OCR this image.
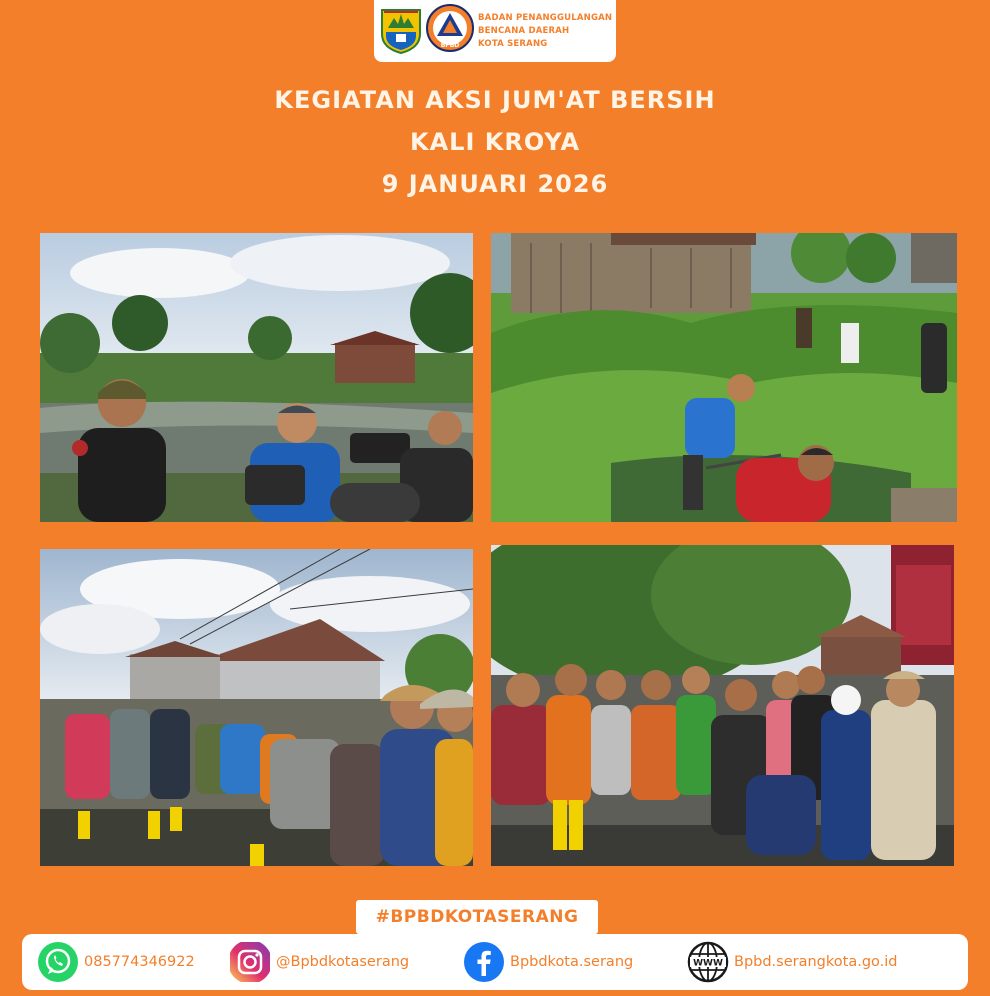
BPBD
BADAN PENANGGULANGAN
BENCANA DAERAH
KOTA SERANG
KEGIATAN AKSI JUM'AT BERSIH
KALI KROYA
9 JANUARI 2026
#BPBDKOTASERANG
085774346922	@Bpbdkotaserang	Bpbdkota.serang	WWW Bpbd.serangkota.go.id
